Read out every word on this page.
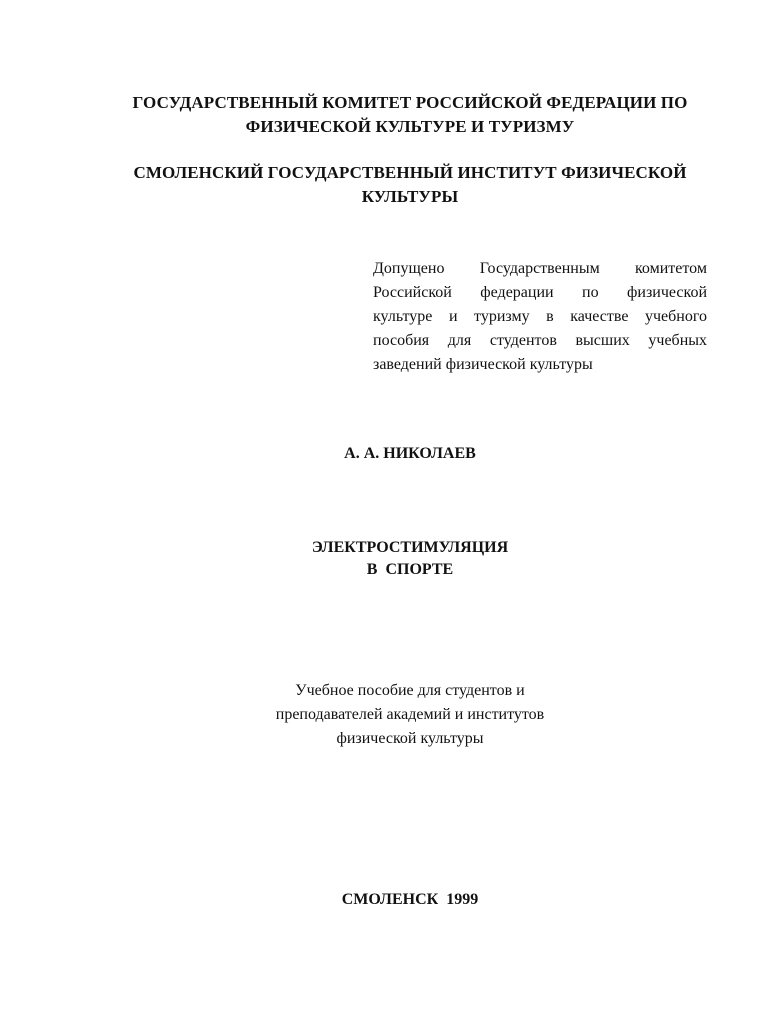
ГОСУДАРСТВЕННЫЙ КОМИТЕТ РОССИЙСКОЙ ФЕДЕРАЦИИ ПО
ФИЗИЧЕСКОЙ КУЛЬТУРЕ И ТУРИЗМУ
СМОЛЕНСКИЙ ГОСУДАРСТВЕННЫЙ ИНСТИТУТ ФИЗИЧЕСКОЙ
КУЛЬТУРЫ
Допущено Государственным комитетом
Российской федерации по физической
культуре и туризму в качестве учебного
пособия для студентов высших учебных
заведений физической культуры
А. А. НИКОЛАЕВ
ЭЛЕКТРОСТИМУЛЯЦИЯ
В  СПОРТЕ
Учебное пособие для студентов и
преподавателей академий и институтов
физической культуры
СМОЛЕНСК  1999
